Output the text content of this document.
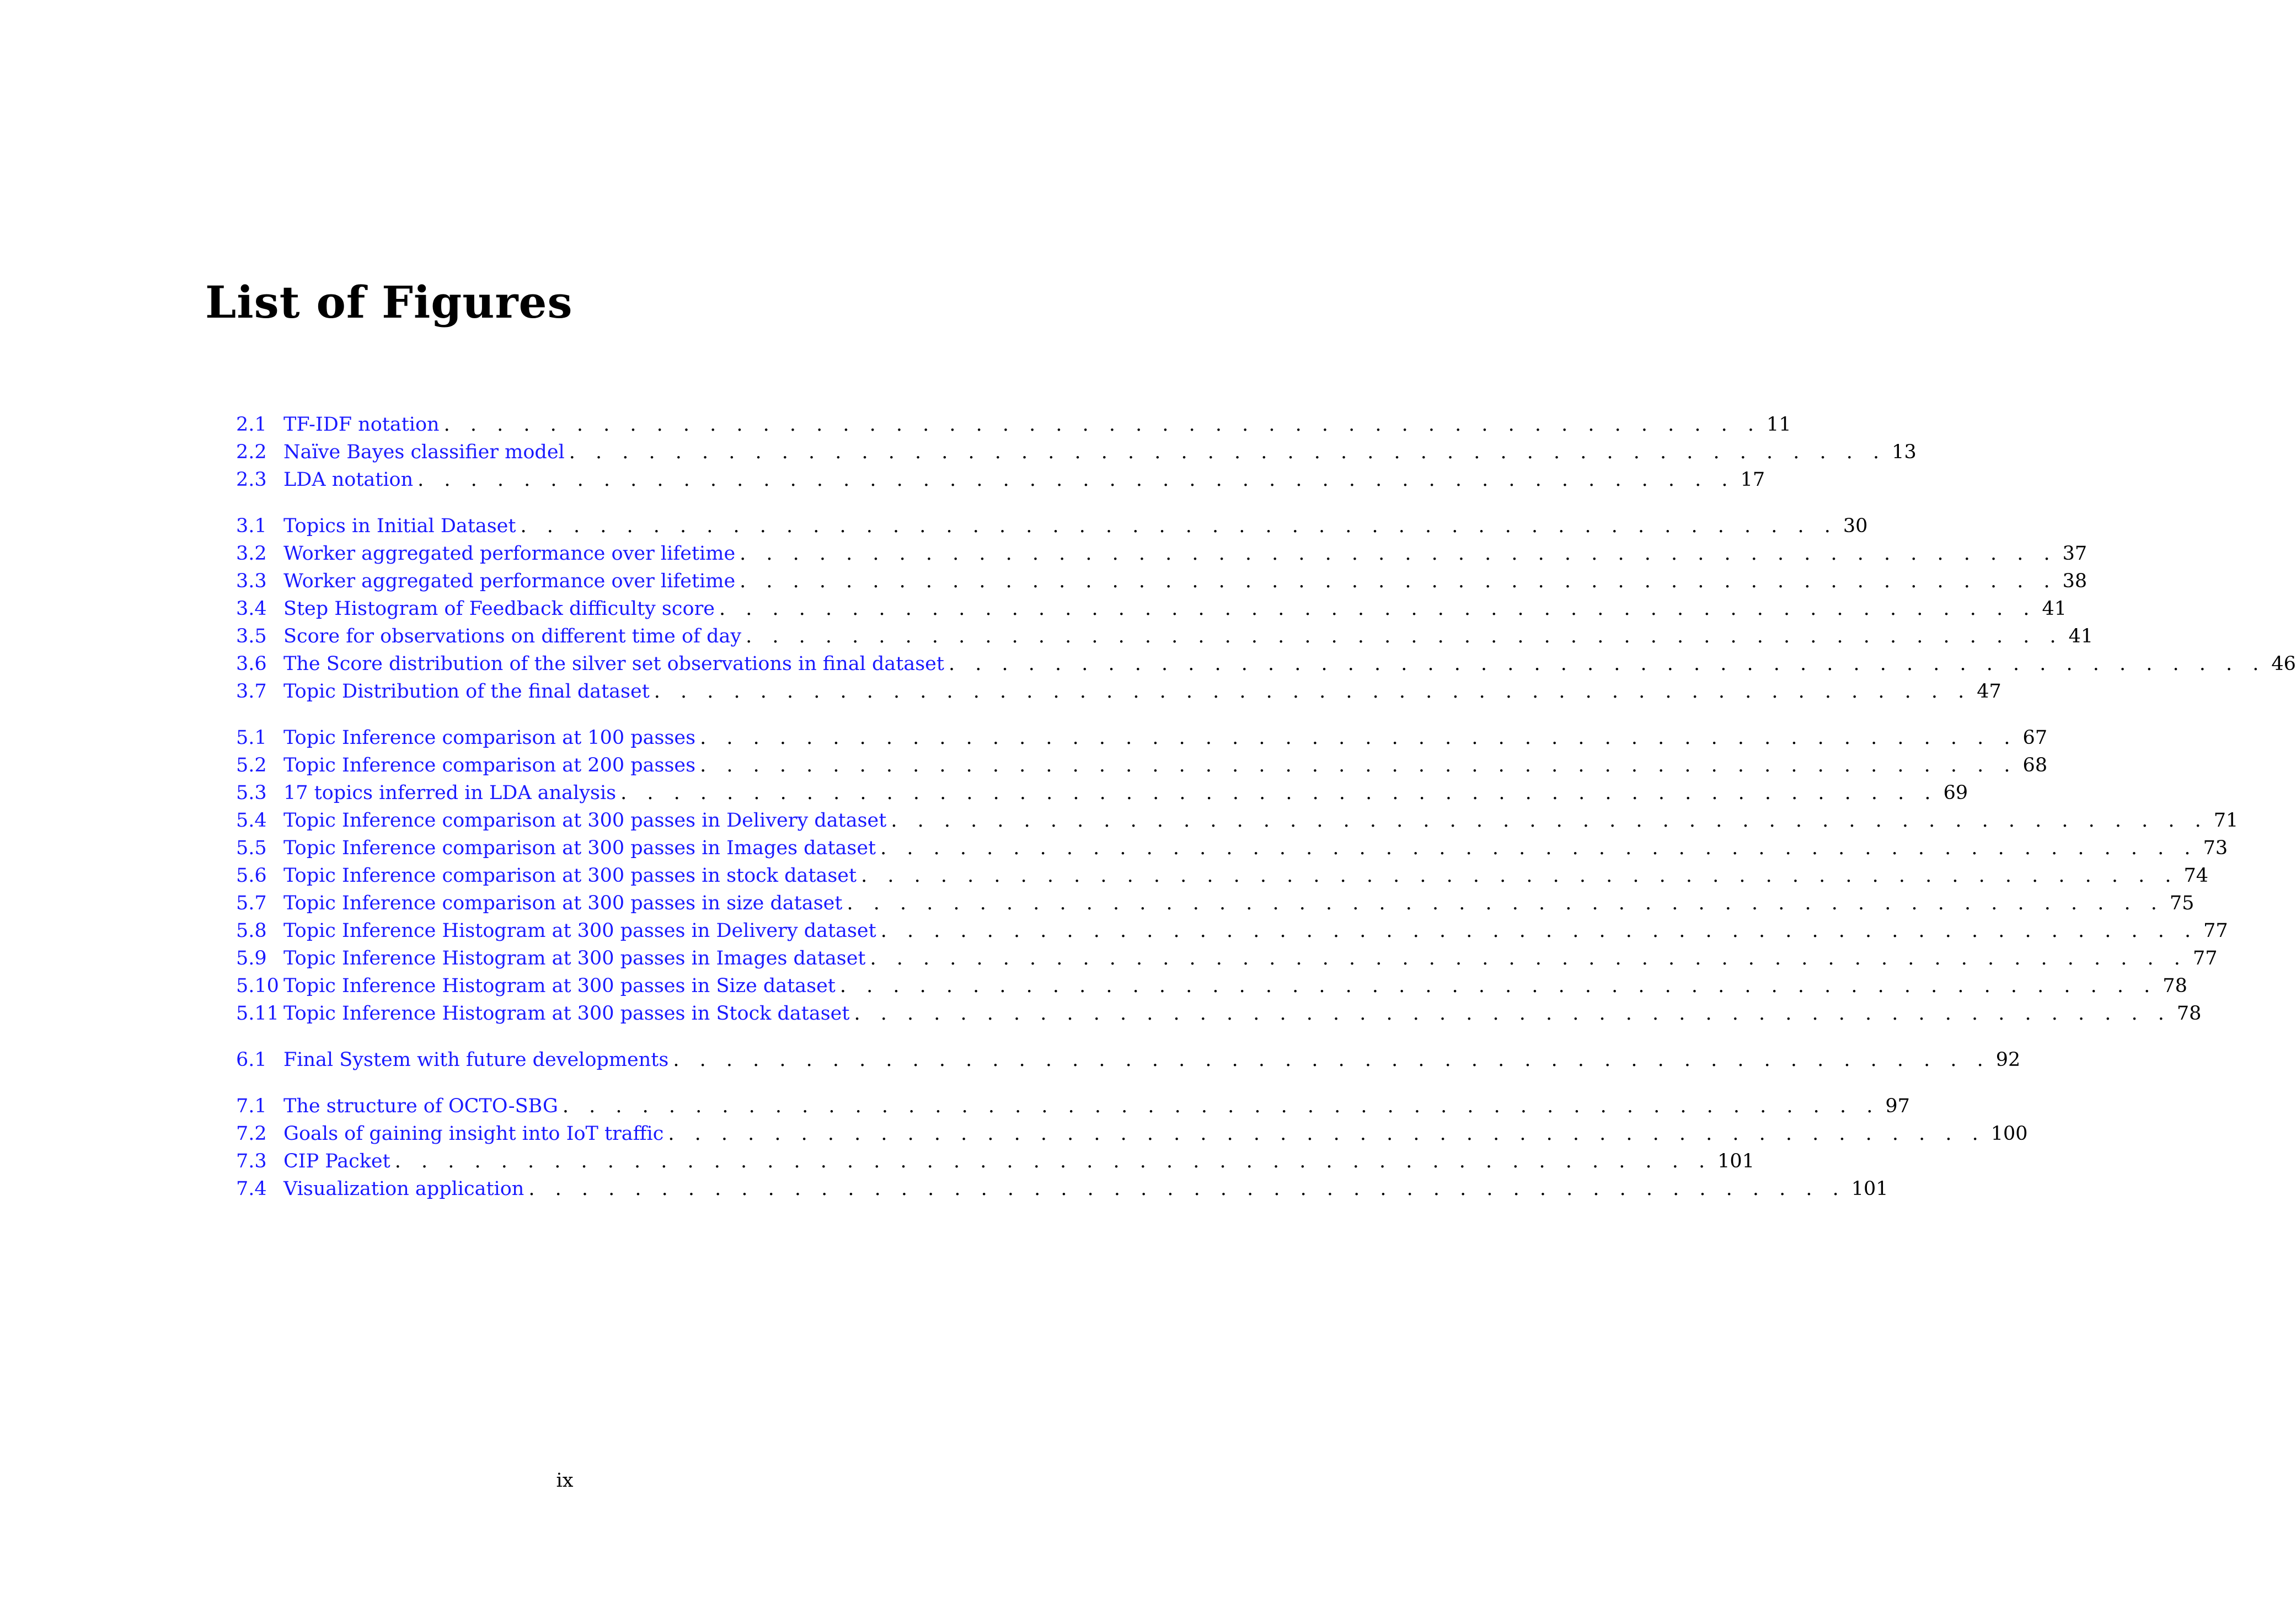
List of Figures
2.1 TF-IDF notation . . . . . . . . . . . . . . . . . . . . . . . . . . . . . . . . . . . . . . . . . . . . . . . . . . 11
2.2 Naïve Bayes classifier model . . . . . . . . . . . . . . . . . . . . . . . . . . . . . . . . . . . . . . . . . . . . . . . . . . 13
2.3 LDA notation . . . . . . . . . . . . . . . . . . . . . . . . . . . . . . . . . . . . . . . . . . . . . . . . . . 17
3.1 Topics in Initial Dataset . . . . . . . . . . . . . . . . . . . . . . . . . . . . . . . . . . . . . . . . . . . . . . . . . . 30
3.2 Worker aggregated performance over lifetime . . . . . . . . . . . . . . . . . . . . . . . . . . . . . . . . . . . . . . . . . . . . . . . . . . 37
3.3 Worker aggregated performance over lifetime . . . . . . . . . . . . . . . . . . . . . . . . . . . . . . . . . . . . . . . . . . . . . . . . . . 38
3.4 Step Histogram of Feedback difficulty score . . . . . . . . . . . . . . . . . . . . . . . . . . . . . . . . . . . . . . . . . . . . . . . . . . 41
3.5 Score for observations on different time of day . . . . . . . . . . . . . . . . . . . . . . . . . . . . . . . . . . . . . . . . . . . . . . . . . . 41
3.6 The Score distribution of the silver set observations in final dataset . . . . . . . . . . . . . . . . . . . . . . . . . . . . . . . . . . . . . . . . . . . . . . . . . . 46
3.7 Topic Distribution of the final dataset . . . . . . . . . . . . . . . . . . . . . . . . . . . . . . . . . . . . . . . . . . . . . . . . . . 47
5.1 Topic Inference comparison at 100 passes . . . . . . . . . . . . . . . . . . . . . . . . . . . . . . . . . . . . . . . . . . . . . . . . . . 67
5.2 Topic Inference comparison at 200 passes . . . . . . . . . . . . . . . . . . . . . . . . . . . . . . . . . . . . . . . . . . . . . . . . . . 68
5.3 17 topics inferred in LDA analysis . . . . . . . . . . . . . . . . . . . . . . . . . . . . . . . . . . . . . . . . . . . . . . . . . . 69
5.4 Topic Inference comparison at 300 passes in Delivery dataset . . . . . . . . . . . . . . . . . . . . . . . . . . . . . . . . . . . . . . . . . . . . . . . . . . 71
5.5 Topic Inference comparison at 300 passes in Images dataset . . . . . . . . . . . . . . . . . . . . . . . . . . . . . . . . . . . . . . . . . . . . . . . . . . 73
5.6 Topic Inference comparison at 300 passes in stock dataset . . . . . . . . . . . . . . . . . . . . . . . . . . . . . . . . . . . . . . . . . . . . . . . . . . 74
5.7 Topic Inference comparison at 300 passes in size dataset . . . . . . . . . . . . . . . . . . . . . . . . . . . . . . . . . . . . . . . . . . . . . . . . . . 75
5.8 Topic Inference Histogram at 300 passes in Delivery dataset . . . . . . . . . . . . . . . . . . . . . . . . . . . . . . . . . . . . . . . . . . . . . . . . . . 77
5.9 Topic Inference Histogram at 300 passes in Images dataset . . . . . . . . . . . . . . . . . . . . . . . . . . . . . . . . . . . . . . . . . . . . . . . . . . 77
5.10 Topic Inference Histogram at 300 passes in Size dataset . . . . . . . . . . . . . . . . . . . . . . . . . . . . . . . . . . . . . . . . . . . . . . . . . . 78
5.11 Topic Inference Histogram at 300 passes in Stock dataset . . . . . . . . . . . . . . . . . . . . . . . . . . . . . . . . . . . . . . . . . . . . . . . . . . 78
6.1 Final System with future developments . . . . . . . . . . . . . . . . . . . . . . . . . . . . . . . . . . . . . . . . . . . . . . . . . . 92
7.1 The structure of OCTO-SBG . . . . . . . . . . . . . . . . . . . . . . . . . . . . . . . . . . . . . . . . . . . . . . . . . . 97
7.2 Goals of gaining insight into IoT traffic . . . . . . . . . . . . . . . . . . . . . . . . . . . . . . . . . . . . . . . . . . . . . . . . . . 100
7.3 CIP Packet . . . . . . . . . . . . . . . . . . . . . . . . . . . . . . . . . . . . . . . . . . . . . . . . . . 101
7.4 Visualization application . . . . . . . . . . . . . . . . . . . . . . . . . . . . . . . . . . . . . . . . . . . . . . . . . . 101
ix
